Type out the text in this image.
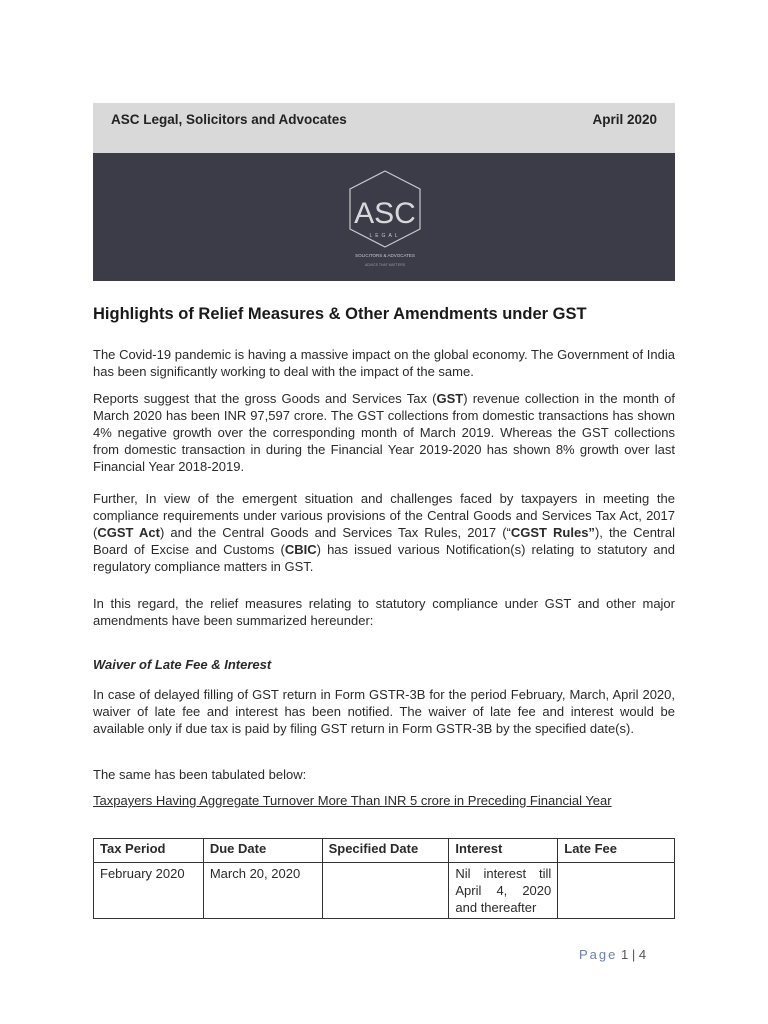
ASC Legal, Solicitors and Advocates	April 2020
ASC
LEGAL
SOLICITORS & ADVOCATES
ADVICE THAT MATTERS
Highlights of Relief Measures & Other Amendments under GST

The Covid-19 pandemic is having a massive impact on the global economy. The Government of India has been significantly working to deal with the impact of the same.

Reports suggest that the gross Goods and Services Tax (GST) revenue collection in the month of March 2020 has been INR 97,597 crore. The GST collections from domestic transactions has shown 4% negative growth over the corresponding month of March 2019. Whereas the GST collections from domestic transaction in during the Financial Year 2019-2020 has shown 8% growth over last Financial Year 2018-2019.

Further, In view of the emergent situation and challenges faced by taxpayers in meeting the compliance requirements under various provisions of the Central Goods and Services Tax Act, 2017 (CGST Act) and the Central Goods and Services Tax Rules, 2017 (“CGST Rules”), the Central Board of Excise and Customs (CBIC) has issued various Notification(s) relating to statutory and regulatory compliance matters in GST.

In this regard, the relief measures relating to statutory compliance under GST and other major amendments have been summarized hereunder:

Waiver of Late Fee & Interest

In case of delayed filling of GST return in Form GSTR-3B for the period February, March, April 2020, waiver of late fee and interest has been notified. The waiver of late fee and interest would be available only if due tax is paid by filing GST return in Form GSTR-3B by the specified date(s).

The same has been tabulated below:

Taxpayers Having Aggregate Turnover More Than INR 5 crore in Preceding Financial Year

Tax Period	Due Date	Specified Date	Interest	Late Fee
February 2020	March 20, 2020		Nil interest till April 4, 2020 and thereafter	
Page 1 | 4
